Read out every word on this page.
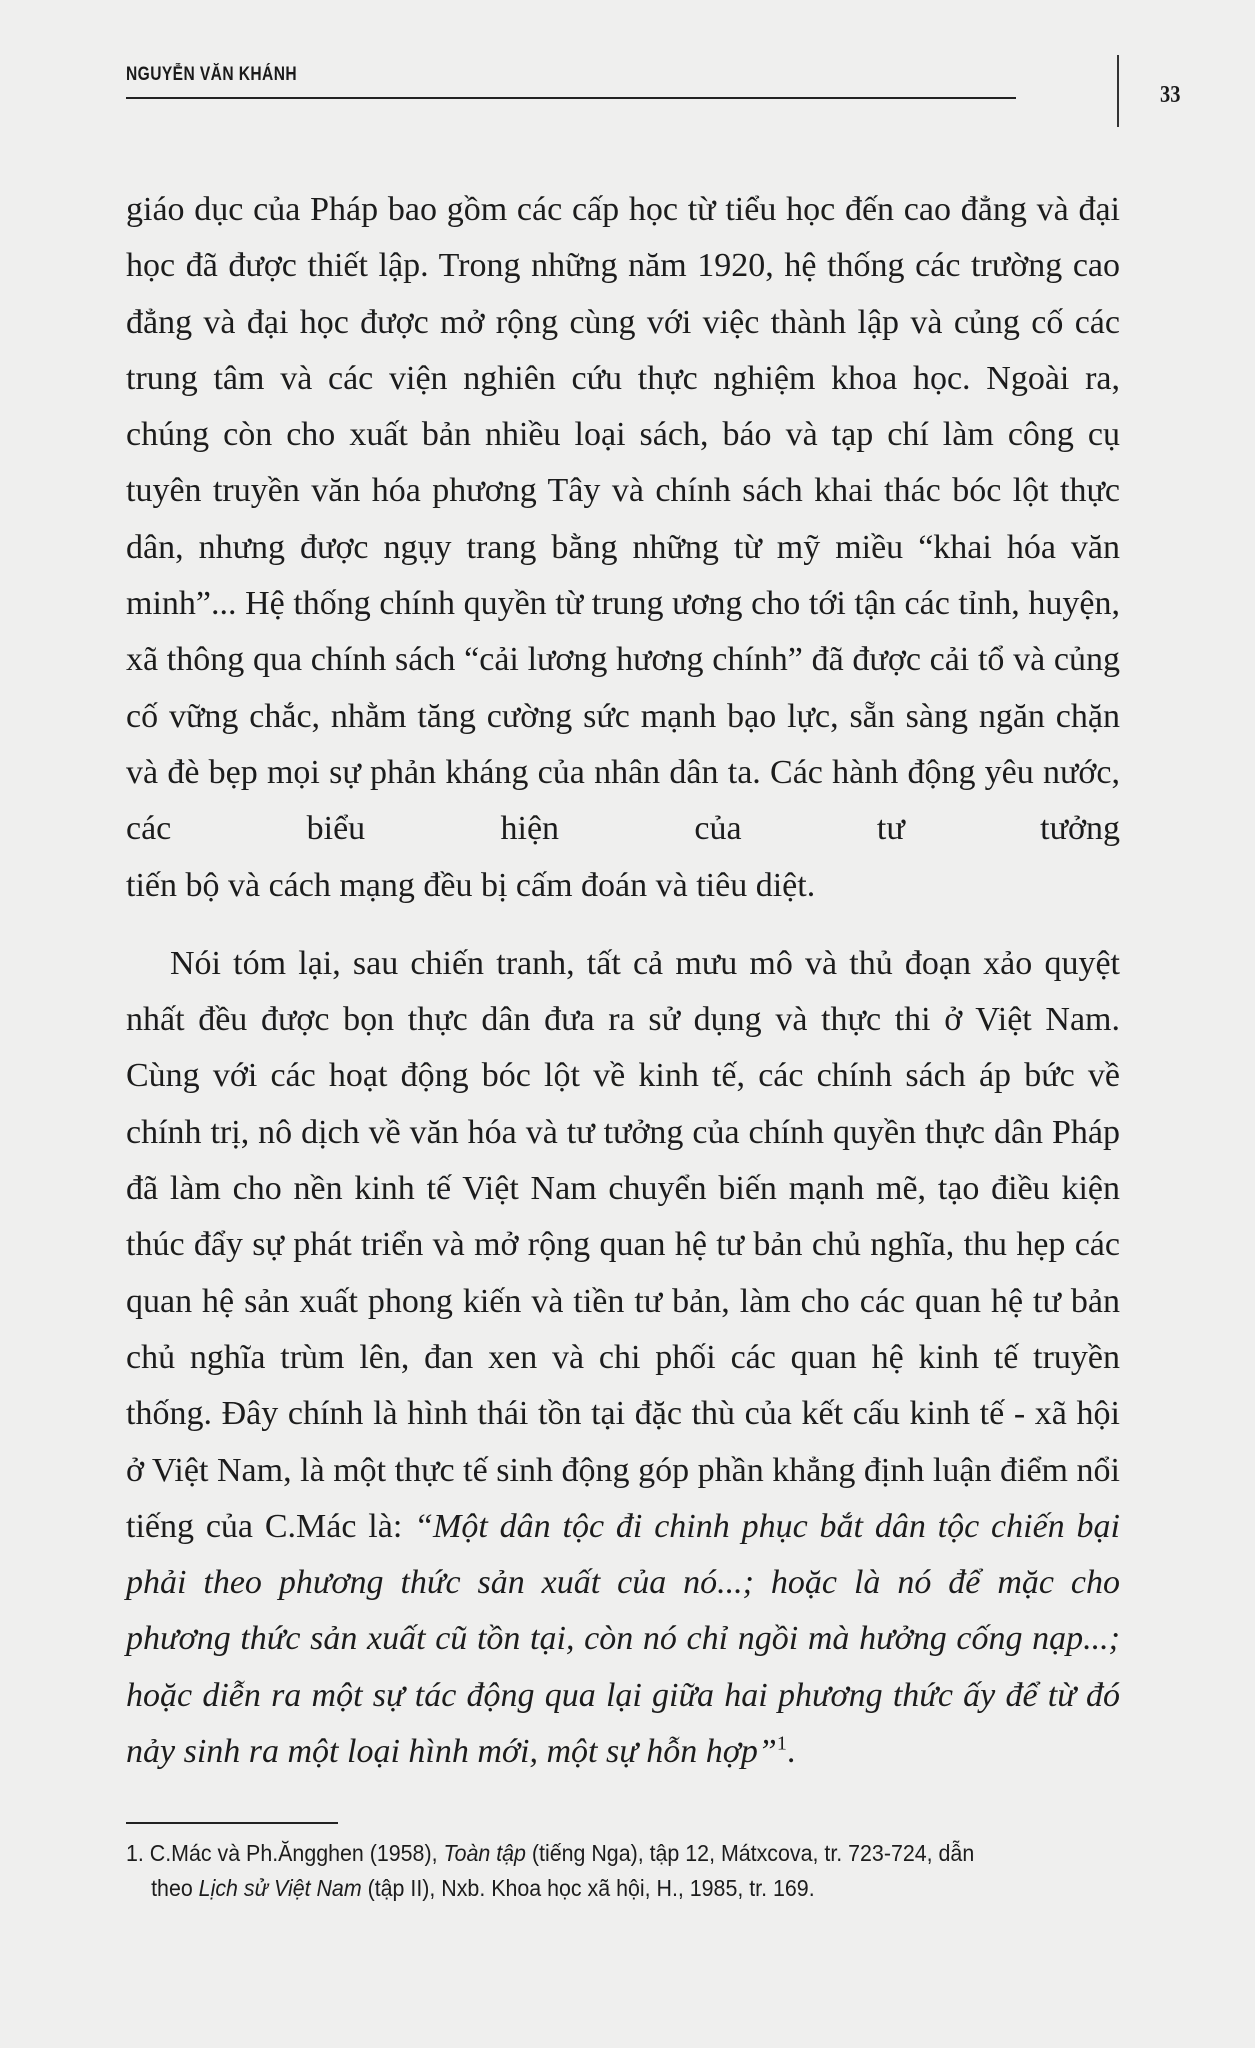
NGUYỄN VĂN KHÁNH
33

giáo dục của Pháp bao gồm các cấp học từ tiểu học đến cao đẳng và đại học đã được thiết lập. Trong những năm 1920, hệ thống các trường cao đẳng và đại học được mở rộng cùng với việc thành lập và củng cố các trung tâm và các viện nghiên cứu thực nghiệm khoa học. Ngoài ra, chúng còn cho xuất bản nhiều loại sách, báo và tạp chí làm công cụ tuyên truyền văn hóa phương Tây và chính sách khai thác bóc lột thực dân, nhưng được ngụy trang bằng những từ mỹ miều “khai hóa văn minh”... Hệ thống chính quyền từ trung ương cho tới tận các tỉnh, huyện, xã thông qua chính sách “cải lương hương chính” đã được cải tổ và củng cố vững chắc, nhằm tăng cường sức mạnh bạo lực, sẵn sàng ngăn chặn và đè bẹp mọi sự phản kháng của nhân dân ta. Các hành động yêu nước, các biểu hiện của tư tưởng

tiến bộ và cách mạng đều bị cấm đoán và tiêu diệt.

Nói tóm lại, sau chiến tranh, tất cả mưu mô và thủ đoạn xảo quyệt nhất đều được bọn thực dân đưa ra sử dụng và thực thi ở Việt Nam. Cùng với các hoạt động bóc lột về kinh tế, các chính sách áp bức về chính trị, nô dịch về văn hóa và tư tưởng của chính quyền thực dân Pháp đã làm cho nền kinh tế Việt Nam chuyển biến mạnh mẽ, tạo điều kiện thúc đẩy sự phát triển và mở rộng quan hệ tư bản chủ nghĩa, thu hẹp các quan hệ sản xuất phong kiến và tiền tư bản, làm cho các quan hệ tư bản chủ nghĩa trùm lên, đan xen và chi phối các quan hệ kinh tế truyền thống. Đây chính là hình thái tồn tại đặc thù của kết cấu kinh tế - xã hội ở Việt Nam, là một thực tế sinh động góp phần khẳng định luận điểm nổi tiếng của C.Mác là: “Một dân tộc đi chinh phục bắt dân tộc chiến bại phải theo phương thức sản xuất của nó...; hoặc là nó để mặc cho phương thức sản xuất cũ tồn tại, còn nó chỉ ngồi mà hưởng cống nạp...; hoặc diễn ra một sự tác động qua lại giữa hai phương thức ấy để từ đó nảy sinh ra một loại hình mới, một sự hỗn hợp”$^1$.

1. C.Mác và Ph.Ăngghen (1958), Toàn tập (tiếng Nga), tập 12, Mátxcova, tr. 723-724, dẫn

theo Lịch sử Việt Nam (tập II), Nxb. Khoa học xã hội, H., 1985, tr. 169.
